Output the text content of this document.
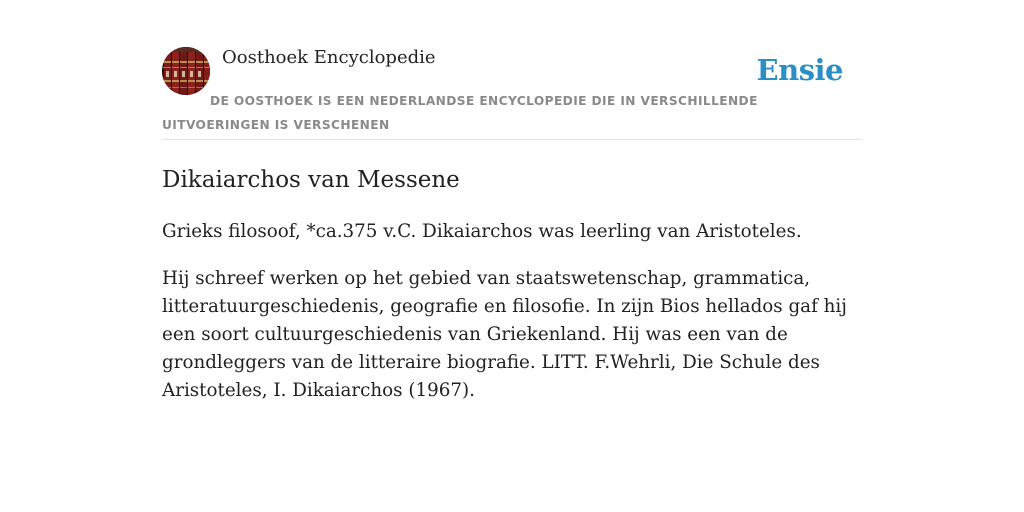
Oosthoek Encyclopedie	Ensie
DE OOSTHOEK IS EEN NEDERLANDSE ENCYCLOPEDIE DIE IN VERSCHILLENDE UITVOERINGEN IS VERSCHENEN
Dikaiarchos van Messene

Grieks filosoof, *ca.375 v.C. Dikaiarchos was leerling van Aristoteles.

Hij schreef werken op het gebied van staatswetenschap, grammatica, litteratuurgeschiedenis, geografie en filosofie. In zijn Bios hellados gaf hij een soort cultuurgeschiedenis van Griekenland. Hij was een van de grondleggers van de litteraire biografie. LITT. F.Wehrli, Die Schule des Aristoteles, I. Dikaiarchos (1967).
